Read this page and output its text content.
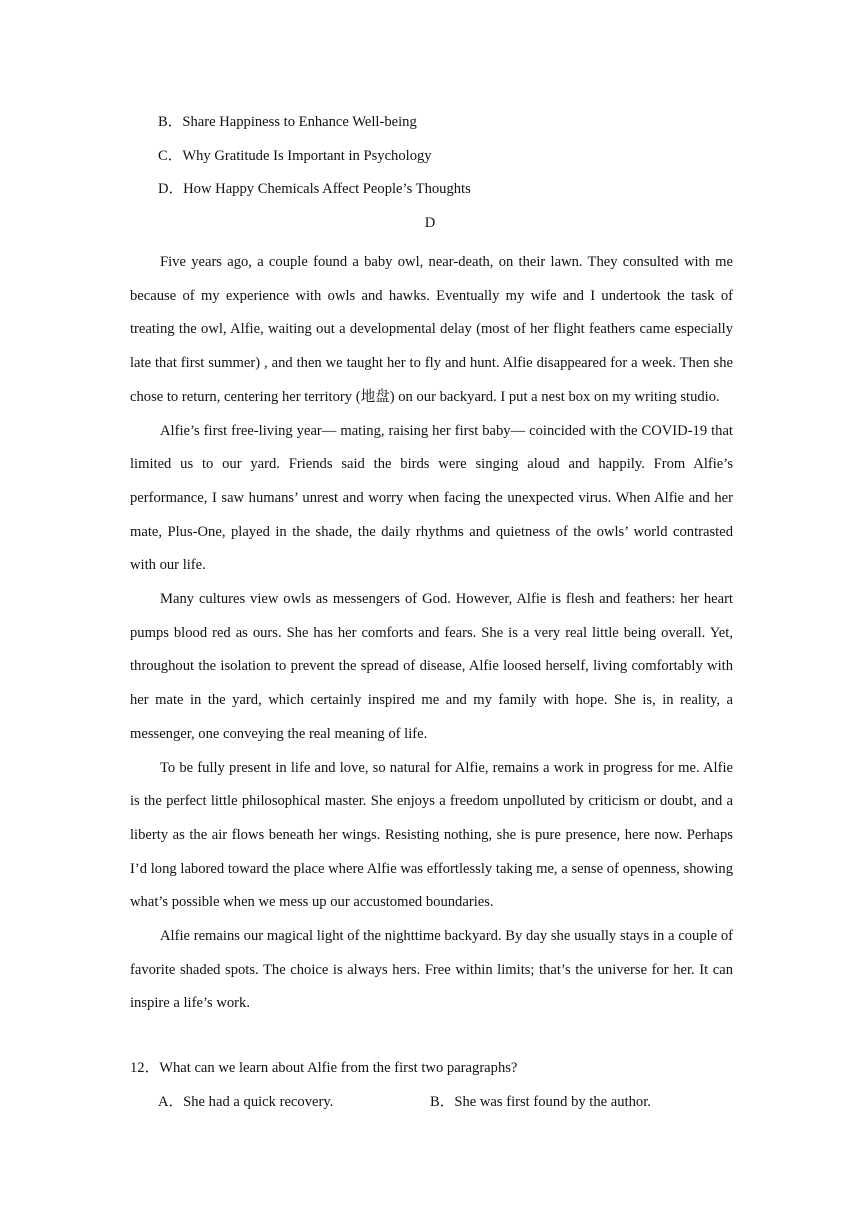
B．Share Happiness to Enhance Well-being
C．Why Gratitude Is Important in Psychology
D．How Happy Chemicals Affect People’s Thoughts
D

Five years ago, a couple found a baby owl, near-death, on their lawn. They consulted with me because of my experience with owls and hawks. Eventually my wife and I undertook the task of treating the owl, Alfie, waiting out a developmental delay (most of her flight feathers came especially late that first summer) , and then we taught her to fly and hunt. Alfie disappeared for a week. Then she chose to return, centering her territory (地盘) on our backyard. I put a nest box on my writing studio.

Alfie’s first free-living year— mating, raising her first baby— coincided with the COVID-19 that limited us to our yard. Friends said the birds were singing aloud and happily. From Alfie’s performance, I saw humans’ unrest and worry when facing the unexpected virus. When Alfie and her mate, Plus-One, played in the shade, the daily rhythms and quietness of the owls’ world contrasted with our life.

Many cultures view owls as messengers of God. However, Alfie is flesh and feathers: her heart pumps blood red as ours. She has her comforts and fears. She is a very real little being overall. Yet, throughout the isolation to prevent the spread of disease, Alfie loosed herself, living comfortably with her mate in the yard, which certainly inspired me and my family with hope. She is, in reality, a messenger, one conveying the real meaning of life.

To be fully present in life and love, so natural for Alfie, remains a work in progress for me. Alfie is the perfect little philosophical master. She enjoys a freedom unpolluted by criticism or doubt, and a liberty as the air flows beneath her wings. Resisting nothing, she is pure presence, here now. Perhaps I’d long labored toward the place where Alfie was effortlessly taking me, a sense of openness, showing what’s possible when we mess up our accustomed boundaries.

Alfie remains our magical light of the nighttime backyard. By day she usually stays in a couple of favorite shaded spots. The choice is always hers. Free within limits; that’s the universe for her. It can inspire a life’s work.

12．What can we learn about Alfie from the first two paragraphs?
A．She had a quick recovery.	B．She was first found by the author.
